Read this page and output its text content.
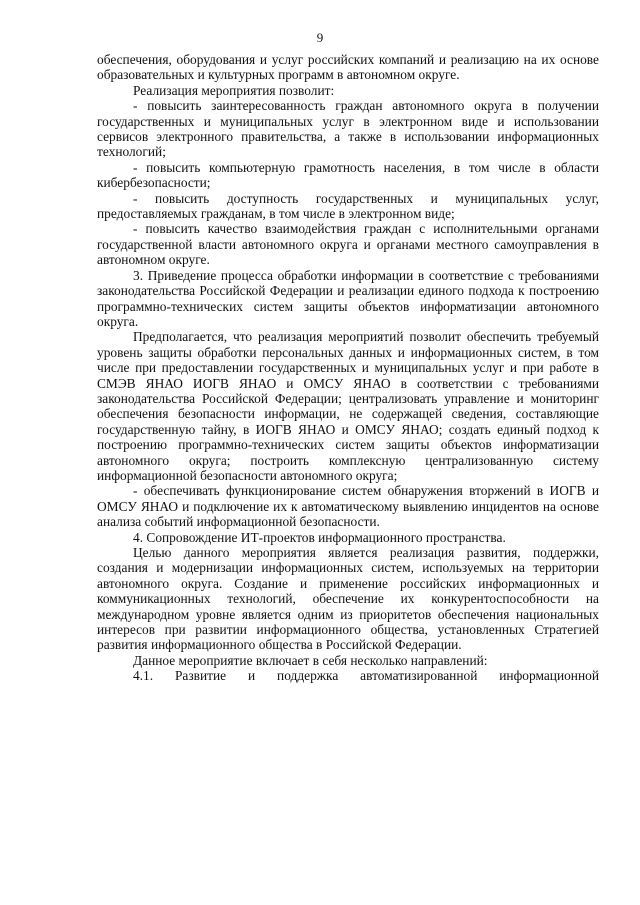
9

обеспечения, оборудования и услуг российских компаний и реализацию на их основе образовательных и культурных программ в автономном округе.

Реализация мероприятия позволит:

- повысить заинтересованность граждан автономного округа в получении государственных и муниципальных услуг в электронном виде и использовании сервисов электронного правительства, а также в использовании информационных технологий;

- повысить компьютерную грамотность населения, в том числе в области кибербезопасности;

- повысить доступность государственных и муниципальных услуг, предоставляемых гражданам, в том числе в электронном виде;

- повысить качество взаимодействия граждан с исполнительными органами государственной власти автономного округа и органами местного самоуправления в автономном округе.

3. Приведение процесса обработки информации в соответствие с требованиями законодательства Российской Федерации и реализации единого подхода к построению программно-технических систем защиты объектов информатизации автономного округа.

Предполагается, что реализация мероприятий позволит обеспечить требуемый уровень защиты обработки персональных данных и информационных систем, в том числе при предоставлении государственных и муниципальных услуг и при работе в СМЭВ ЯНАО ИОГВ ЯНАО и ОМСУ ЯНАО в соответствии с требованиями законодательства Российской Федерации; централизовать управление и мониторинг обеспечения безопасности информации, не содержащей сведения, составляющие государственную тайну, в ИОГВ ЯНАО и ОМСУ ЯНАО; создать единый подход к построению программно-технических систем защиты объектов информатизации автономного округа; построить комплексную централизованную систему информационной безопасности автономного округа;

- обеспечивать функционирование систем обнаружения вторжений в ИОГВ и ОМСУ ЯНАО и подключение их к автоматическому выявлению инцидентов на основе анализа событий информационной безопасности.

4. Сопровождение ИТ-проектов информационного пространства.

Целью данного мероприятия является реализация развития, поддержки, создания и модернизации информационных систем, используемых на территории автономного округа. Создание и применение российских информационных и коммуникационных технологий, обеспечение их конкурентоспособности на международном уровне является одним из приоритетов обеспечения национальных интересов при развитии информационного общества, установленных Стратегией развития информационного общества в Российской Федерации.

Данное мероприятие включает в себя несколько направлений:

4.1. Развитие и поддержка автоматизированной информационной
